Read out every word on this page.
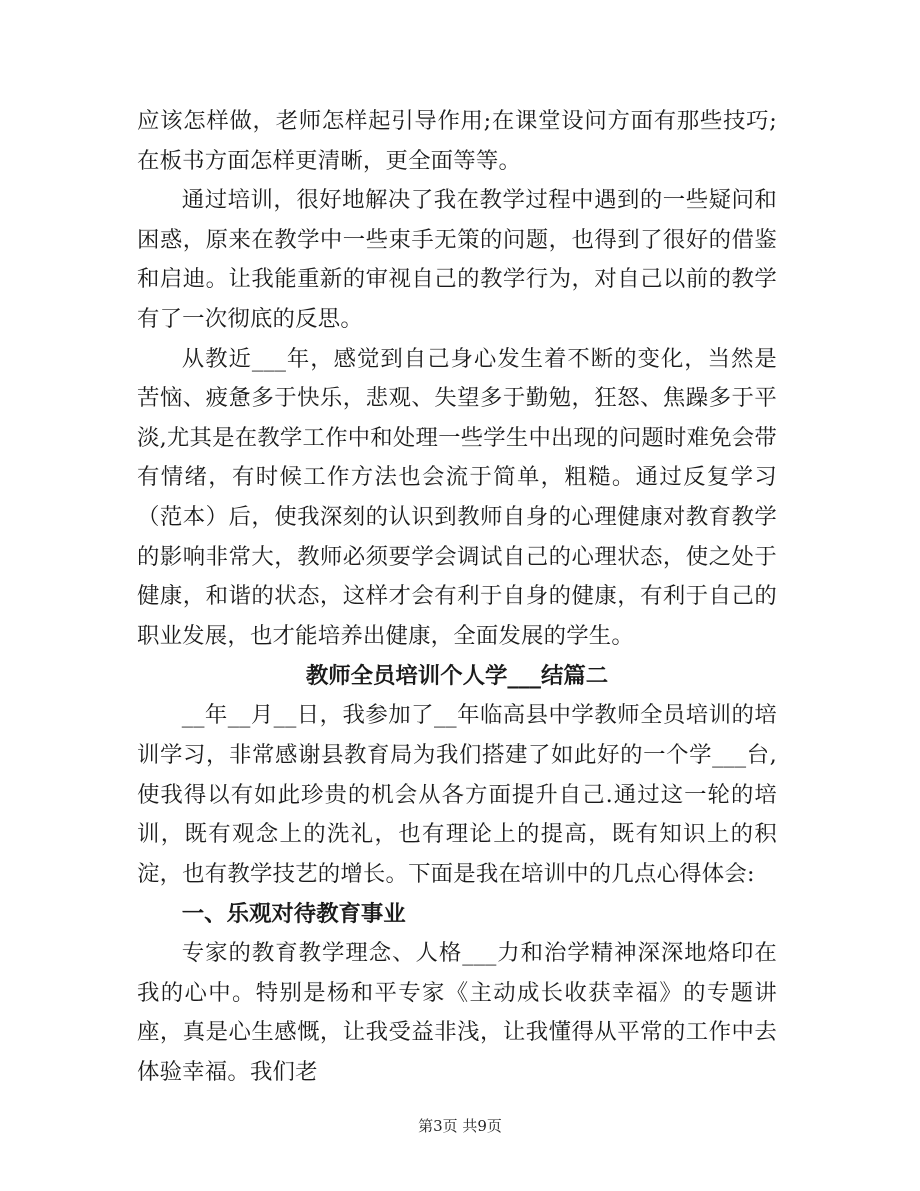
应该怎样做，老师怎样起引导作用;在课堂设问方面有那些技巧;在板书方面怎样更清晰，更全面等等。

通过培训，很好地解决了我在教学过程中遇到的一些疑问和困惑，原来在教学中一些束手无策的问题，也得到了很好的借鉴和启迪。让我能重新的审视自己的教学行为，对自己以前的教学有了一次彻底的反思。

从教近___年，感觉到自己身心发生着不断的变化，当然是苦恼、疲惫多于快乐，悲观、失望多于勤勉，狂怒、焦躁多于平淡,尤其是在教学工作中和处理一些学生中出现的问题时难免会带有情绪，有时候工作方法也会流于简单，粗糙。通过反复学习（范本）后，使我深刻的认识到教师自身的心理健康对教育教学的影响非常大，教师必须要学会调试自己的心理状态，使之处于健康，和谐的状态，这样才会有利于自身的健康，有利于自己的职业发展，也才能培养出健康，全面发展的学生。

教师全员培训个人学___结篇二

__年__月__日，我参加了__年临高县中学教师全员培训的培训学习，非常感谢县教育局为我们搭建了如此好的一个学___台,使我得以有如此珍贵的机会从各方面提升自己.通过这一轮的培训，既有观念上的洗礼，也有理论上的提高，既有知识上的积淀，也有教学技艺的增长。下面是我在培训中的几点心得体会:

一、乐观对待教育事业

专家的教育教学理念、人格___力和治学精神深深地烙印在我的心中。特别是杨和平专家《主动成长收获幸福》的专题讲座，真是心生感慨，让我受益非浅，让我懂得从平常的工作中去体验幸福。我们老

第3页 共9页
